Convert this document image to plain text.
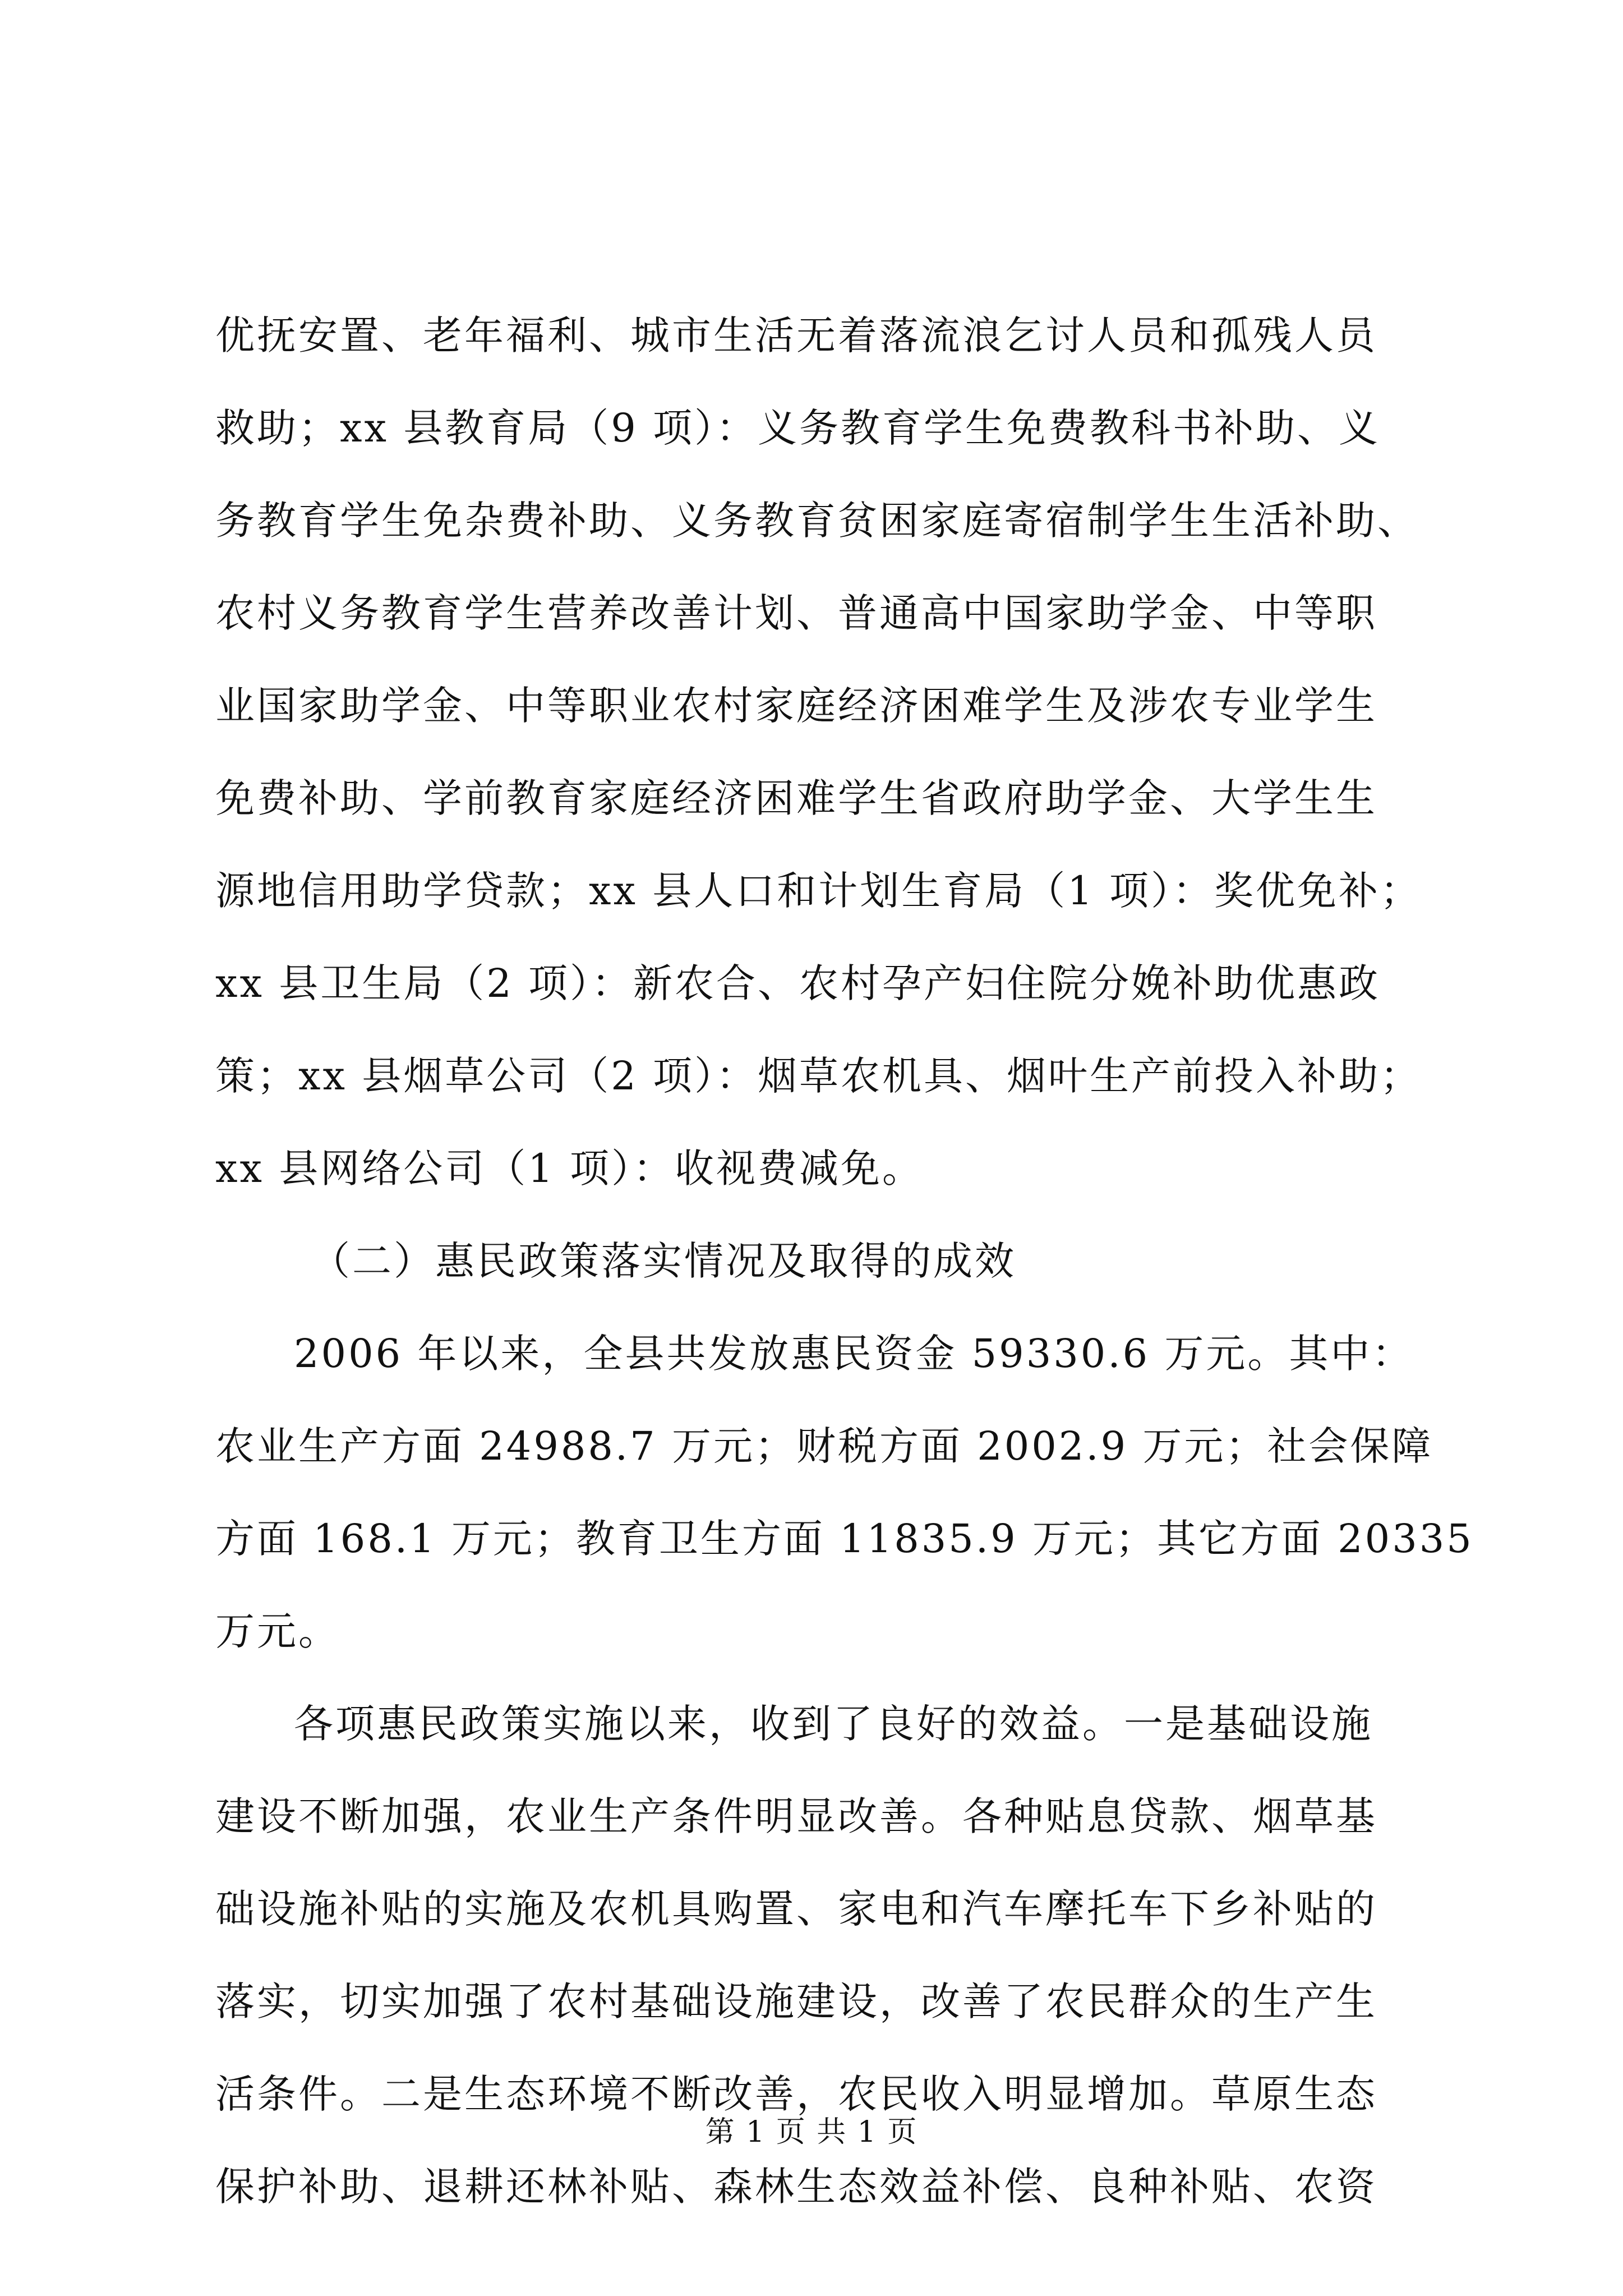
优抚安置、老年福利、城市生活无着落流浪乞讨人员和孤残人员
救助；xx 县教育局（9 项）：义务教育学生免费教科书补助、义
务教育学生免杂费补助、义务教育贫困家庭寄宿制学生生活补助、
农村义务教育学生营养改善计划、普通高中国家助学金、中等职
业国家助学金、中等职业农村家庭经济困难学生及涉农专业学生
免费补助、学前教育家庭经济困难学生省政府助学金、大学生生
源地信用助学贷款；xx 县人口和计划生育局（1 项）：奖优免补；
xx 县卫生局（2 项）：新农合、农村孕产妇住院分娩补助优惠政
策；xx 县烟草公司（2 项）：烟草农机具、烟叶生产前投入补助；
xx 县网络公司（1 项）：收视费减免。
（二）惠民政策落实情况及取得的成效
2006 年以来，全县共发放惠民资金 59330.6 万元。其中：
农业生产方面 24988.7 万元；财税方面 2002.9 万元；社会保障
方面 168.1 万元；教育卫生方面 11835.9 万元；其它方面 20335
万元。
各项惠民政策实施以来，收到了良好的效益。一是基础设施
建设不断加强，农业生产条件明显改善。各种贴息贷款、烟草基
础设施补贴的实施及农机具购置、家电和汽车摩托车下乡补贴的
落实，切实加强了农村基础设施建设，改善了农民群众的生产生
活条件。二是生态环境不断改善，农民收入明显增加。草原生态
保护补助、退耕还林补贴、森林生态效益补偿、良种补贴、农资
第 1 页 共 1 页
